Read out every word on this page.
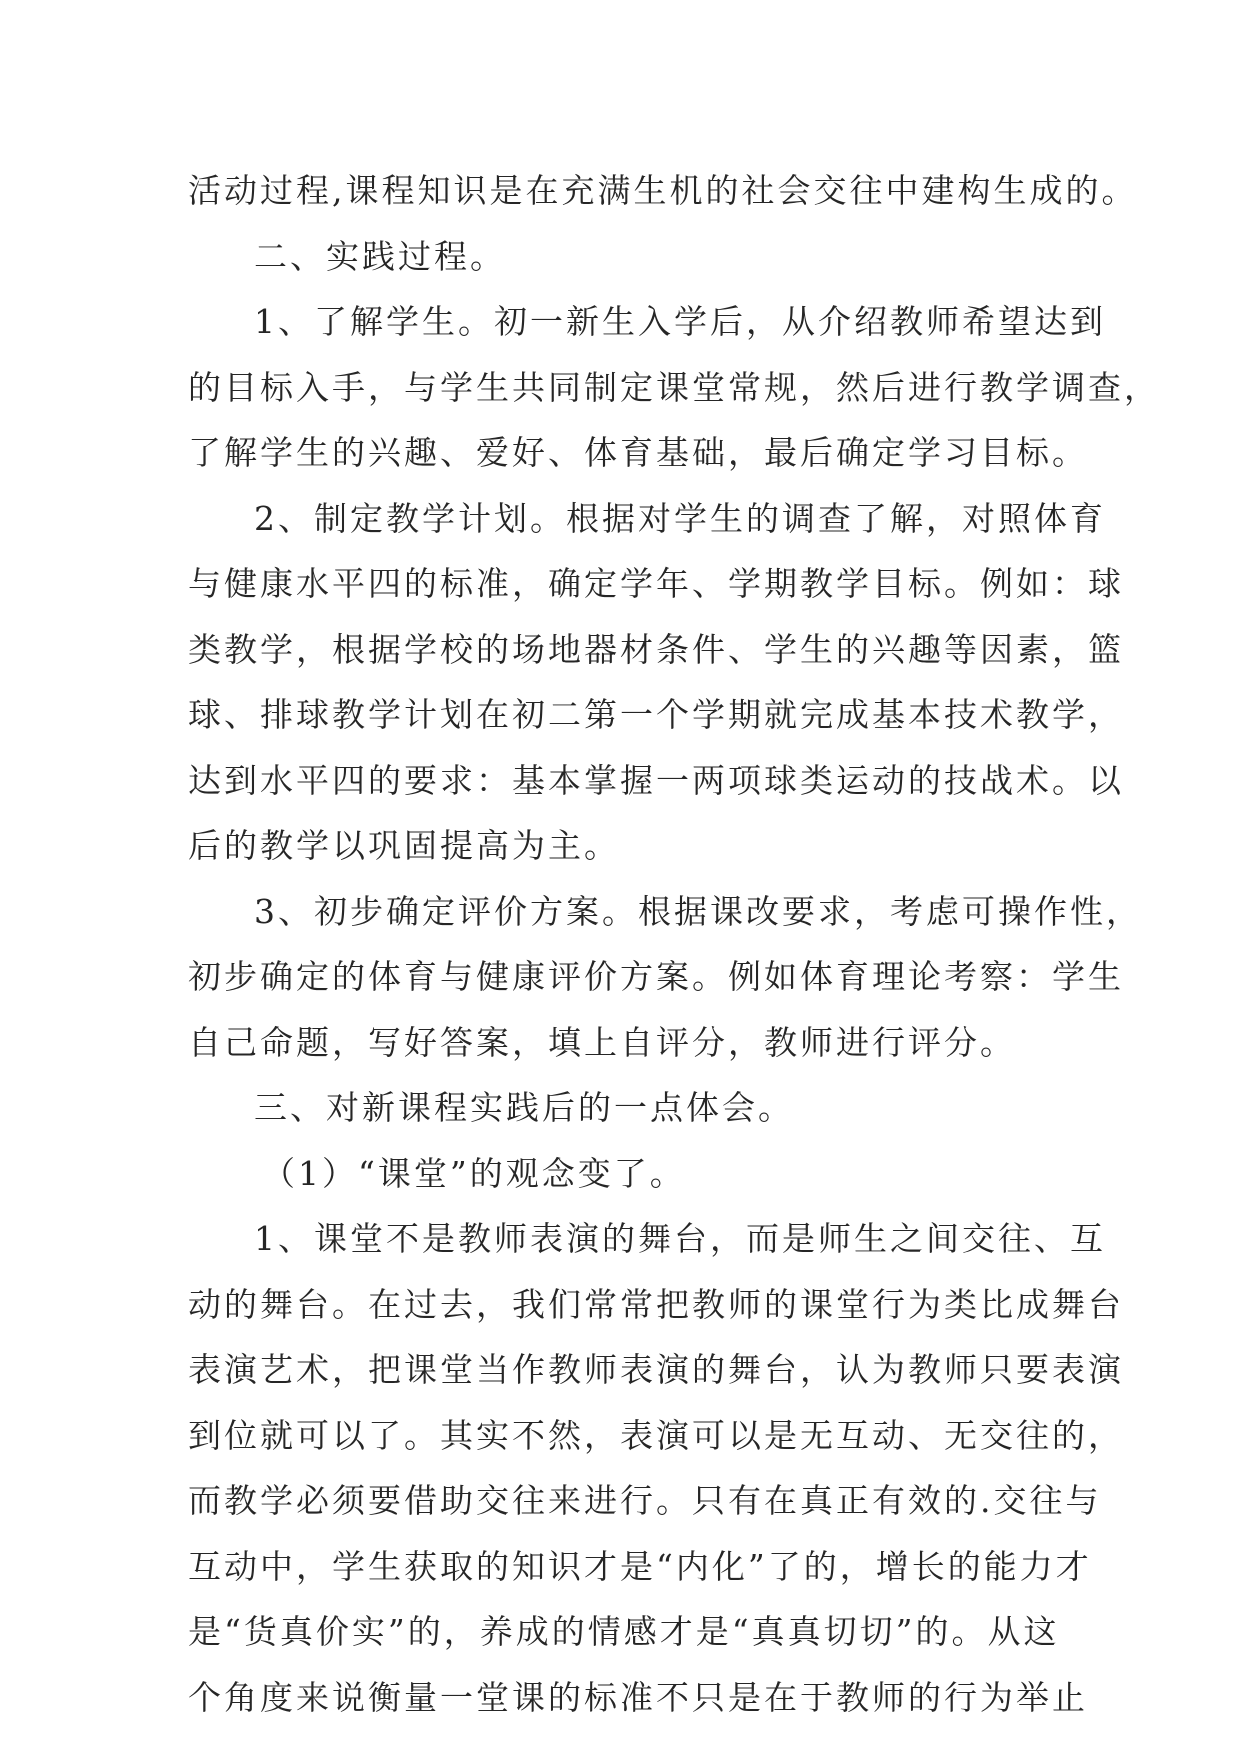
活动过程,课程知识是在充满生机的社会交往中建构生成的。
二、实践过程。
1、了解学生。初一新生入学后，从介绍教师希望达到
的目标入手，与学生共同制定课堂常规，然后进行教学调查，
了解学生的兴趣、爱好、体育基础，最后确定学习目标。
2、制定教学计划。根据对学生的调查了解，对照体育
与健康水平四的标准，确定学年、学期教学目标。例如：球
类教学，根据学校的场地器材条件、学生的兴趣等因素，篮
球、排球教学计划在初二第一个学期就完成基本技术教学，
达到水平四的要求：基本掌握一两项球类运动的技战术。以
后的教学以巩固提高为主。
3、初步确定评价方案。根据课改要求，考虑可操作性，
初步确定的体育与健康评价方案。例如体育理论考察：学生
自己命题，写好答案，填上自评分，教师进行评分。
三、对新课程实践后的一点体会。
（1）“课堂”的观念变了。
1、课堂不是教师表演的舞台，而是师生之间交往、互
动的舞台。在过去，我们常常把教师的课堂行为类比成舞台
表演艺术，把课堂当作教师表演的舞台，认为教师只要表演
到位就可以了。其实不然，表演可以是无互动、无交往的，
而教学必须要借助交往来进行。只有在真正有效的.交往与
互动中，学生获取的知识才是“内化”了的，增长的能力才
是“货真价实”的，养成的情感才是“真真切切”的。从这
个角度来说衡量一堂课的标准不只是在于教师的行为举止
